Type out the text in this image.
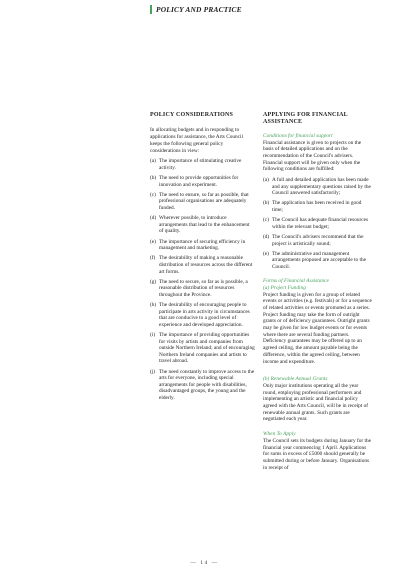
POLICY AND PRACTICE
POLICY CONSIDERATIONS

In allocating budgets and in responding to applications for assistance, the Arts Council keeps the following general policy considerations in view:

(a) The importance of stimulating creative activity.
(b) The need to provide opportunities for innovation and experiment.
(c) The need to ensure, so far as possible, that professional organisations are adequately funded.
(d) Wherever possible, to introduce arrangements that lead to the enhancement of quality.
(e) The importance of securing efficiency in management and marketing.
(f) The desirability of making a reasonable distribution of resources across the different art forms.
(g) The need to secure, so far as is possible, a reasonable distribution of resources throughout the Province.
(h) The desirability of encouraging people to participate in arts activity in circumstances that are conducive to a good level of experience and developed appreciation.
(i) The importance of providing opportunities for visits by artists and companies from outside Northern Ireland; and of encouraging Northern Ireland companies and artists to travel abroad.
(j) The need constantly to improve access to the arts for everyone, including special arrangements for people with disabilities, disadvantaged groups, the young and the elderly.
APPLYING FOR FINANCIAL ASSISTANCE

Conditions for financial support

Financial assistance is given to projects on the basis of detailed applications and on the recommendation of the Council's advisers. Financial support will be given only when the following conditions are fulfilled:

(a) A full and detailed application has been made and any supplementary questions raised by the Council answered satisfactorily;
(b) The application has been received in good time;
(c) The Council has adequate financial resources within the relevant budget;
(d) The Council's advisers recommend that the project is artistically sound;
(e) The administrative and management arrangements proposed are acceptable to the Council.

Forms of Financial Assistance

(a) Project Funding

Project funding is given for a group of related events or activities (e.g. festivals) or for a sequence of related activities or events promoted as a series. Project funding may take the form of outright grants or of deficiency guarantees. Outright grants may be given for low budget events or for events where there are several funding partners. Deficiency guarantees may be offered up to an agreed ceiling, the amount payable being the difference, within the agreed ceiling, between income and expenditure.

(b) Renewable Annual Grants

Only major institutions operating all the year round, employing professional performers and implementing an artistic and financial policy agreed with the Arts Council, will be in receipt of renewable annual grants. Such grants are negotiated each year.

When To Apply

The Council sets its budgets during January for the financial year commencing 1 April. Applications for sums in excess of £5000 should generally be submitted during or before January. Organisations in receipt of

— 14 —
